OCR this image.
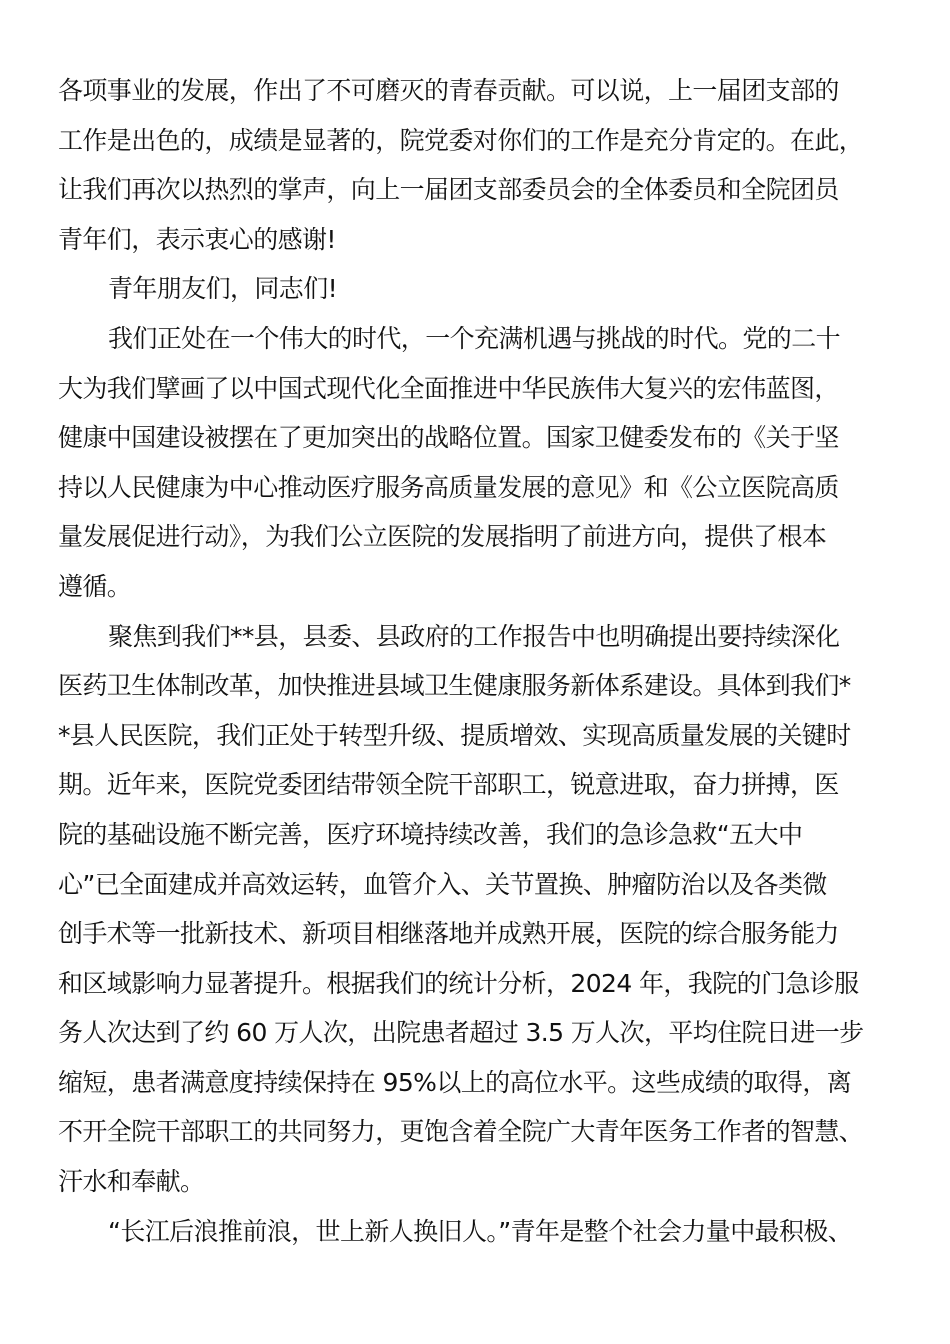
各项事业的发展，作出了不可磨灭的青春贡献。可以说，上一届团支部的
工作是出色的，成绩是显著的，院党委对你们的工作是充分肯定的。在此，
让我们再次以热烈的掌声，向上一届团支部委员会的全体委员和全院团员
青年们，表示衷心的感谢!
青年朋友们，同志们!
我们正处在一个伟大的时代，一个充满机遇与挑战的时代。党的二十
大为我们擘画了以中国式现代化全面推进中华民族伟大复兴的宏伟蓝图，
健康中国建设被摆在了更加突出的战略位置。国家卫健委发布的《关于坚
持以人民健康为中心推动医疗服务高质量发展的意见》和《公立医院高质
量发展促进行动》，为我们公立医院的发展指明了前进方向，提供了根本
遵循。
聚焦到我们**县，县委、县政府的工作报告中也明确提出要持续深化
医药卫生体制改革，加快推进县域卫生健康服务新体系建设。具体到我们*
*县人民医院，我们正处于转型升级、提质增效、实现高质量发展的关键时
期。近年来，医院党委团结带领全院干部职工，锐意进取，奋力拼搏，医
院的基础设施不断完善，医疗环境持续改善，我们的急诊急救“五大中
心”已全面建成并高效运转，血管介入、关节置换、肿瘤防治以及各类微
创手术等一批新技术、新项目相继落地并成熟开展，医院的综合服务能力
和区域影响力显著提升。根据我们的统计分析，2024 年，我院的门急诊服
务人次达到了约 60 万人次，出院患者超过 3.5 万人次，平均住院日进一步
缩短，患者满意度持续保持在 95%以上的高位水平。这些成绩的取得，离
不开全院干部职工的共同努力，更饱含着全院广大青年医务工作者的智慧、
汗水和奉献。
“长江后浪推前浪，世上新人换旧人。”青年是整个社会力量中最积极、
